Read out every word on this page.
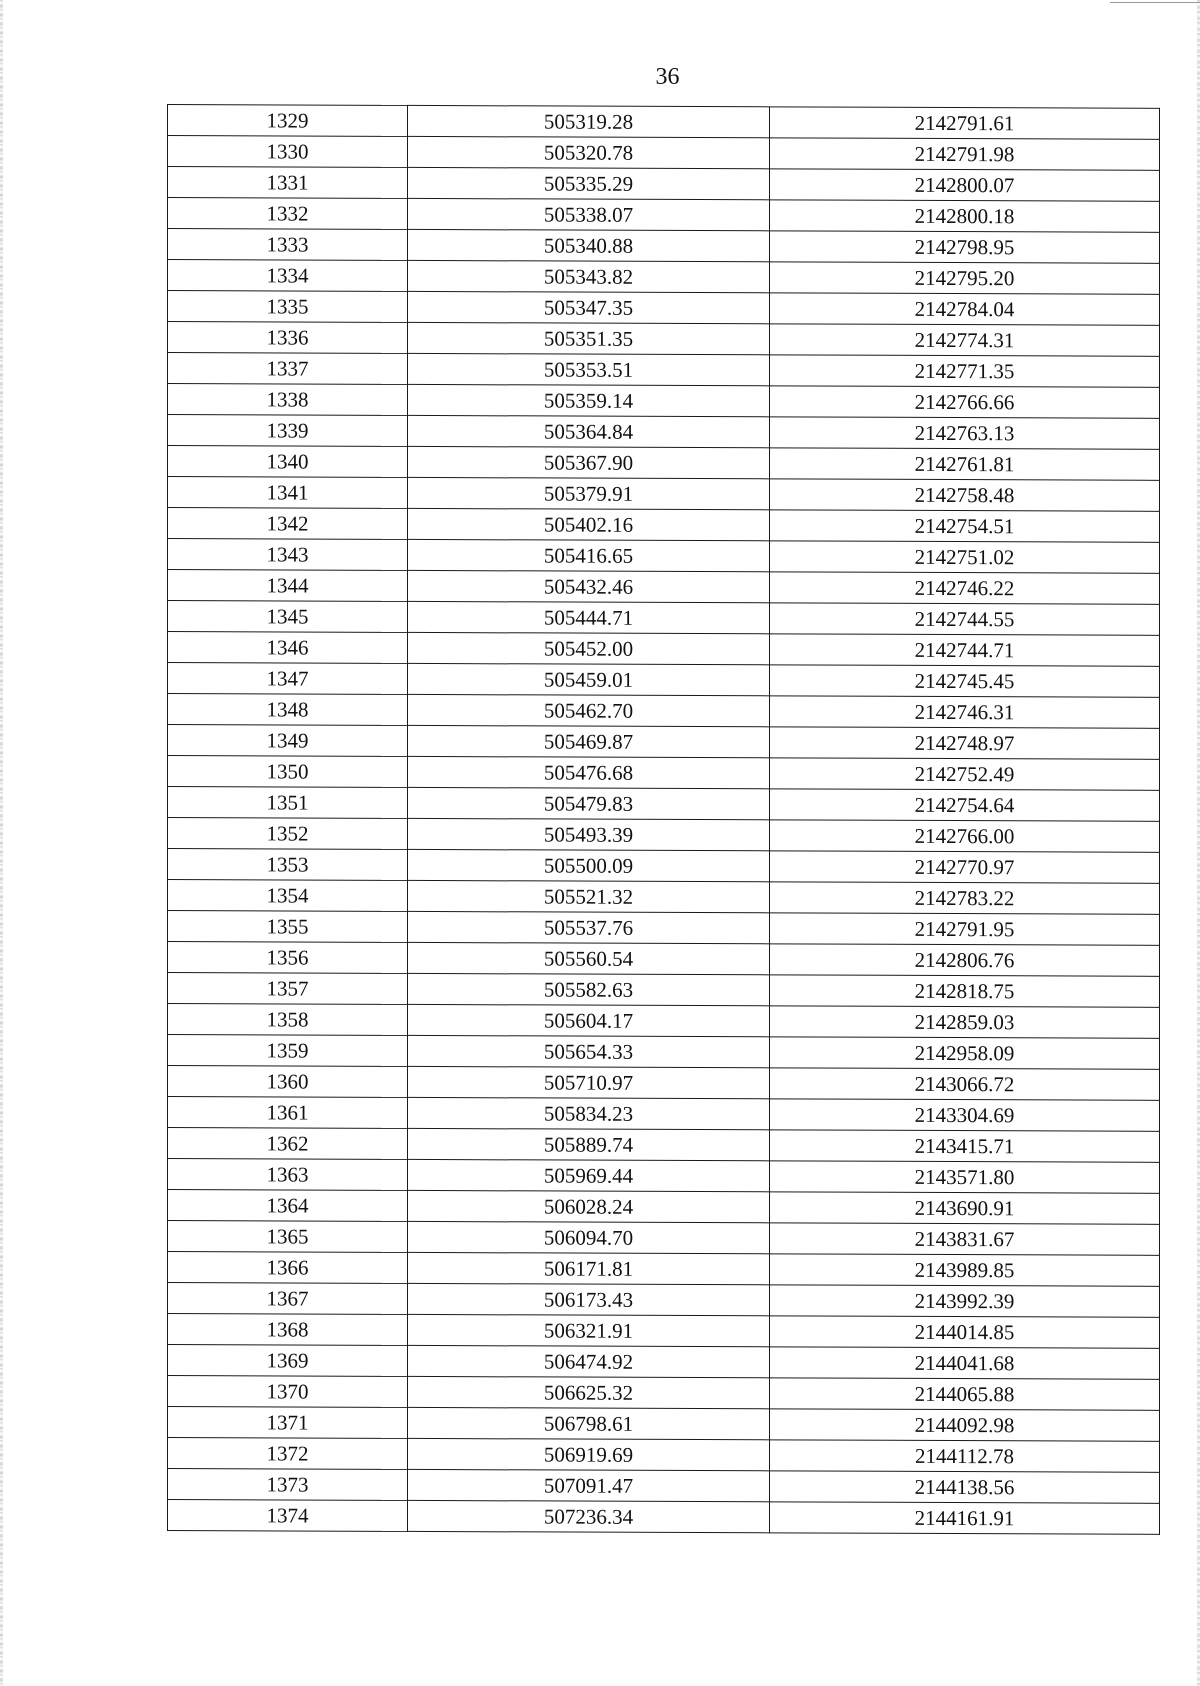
36
1329	505319.28	2142791.61
1330	505320.78	2142791.98
1331	505335.29	2142800.07
1332	505338.07	2142800.18
1333	505340.88	2142798.95
1334	505343.82	2142795.20
1335	505347.35	2142784.04
1336	505351.35	2142774.31
1337	505353.51	2142771.35
1338	505359.14	2142766.66
1339	505364.84	2142763.13
1340	505367.90	2142761.81
1341	505379.91	2142758.48
1342	505402.16	2142754.51
1343	505416.65	2142751.02
1344	505432.46	2142746.22
1345	505444.71	2142744.55
1346	505452.00	2142744.71
1347	505459.01	2142745.45
1348	505462.70	2142746.31
1349	505469.87	2142748.97
1350	505476.68	2142752.49
1351	505479.83	2142754.64
1352	505493.39	2142766.00
1353	505500.09	2142770.97
1354	505521.32	2142783.22
1355	505537.76	2142791.95
1356	505560.54	2142806.76
1357	505582.63	2142818.75
1358	505604.17	2142859.03
1359	505654.33	2142958.09
1360	505710.97	2143066.72
1361	505834.23	2143304.69
1362	505889.74	2143415.71
1363	505969.44	2143571.80
1364	506028.24	2143690.91
1365	506094.70	2143831.67
1366	506171.81	2143989.85
1367	506173.43	2143992.39
1368	506321.91	2144014.85
1369	506474.92	2144041.68
1370	506625.32	2144065.88
1371	506798.61	2144092.98
1372	506919.69	2144112.78
1373	507091.47	2144138.56
1374	507236.34	2144161.91
